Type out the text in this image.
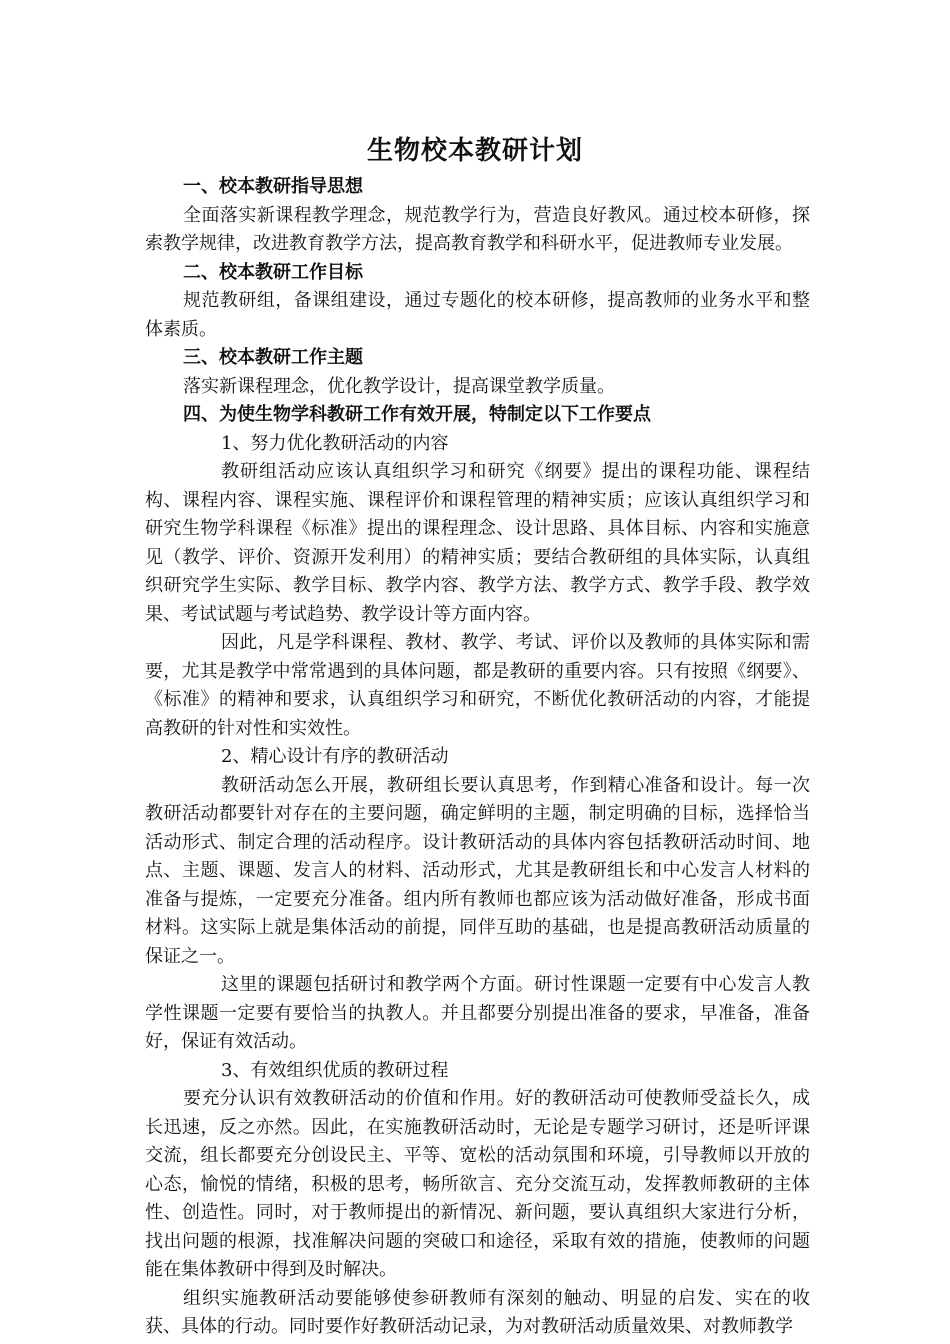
生物校本教研计划

一、校本教研指导思想

全面落实新课程教学理念，规范教学行为，营造良好教风。通过校本研修，探索教学规律，改进教育教学方法，提高教育教学和科研水平，促进教师专业发展。

二、校本教研工作目标

规范教研组，备课组建设，通过专题化的校本研修，提高教师的业务水平和整体素质。

三、校本教研工作主题

落实新课程理念，优化教学设计，提高课堂教学质量。

四、为使生物学科教研工作有效开展，特制定以下工作要点

1、努力优化教研活动的内容

教研组活动应该认真组织学习和研究《纲要》提出的课程功能、课程结构、课程内容、课程实施、课程评价和课程管理的精神实质；应该认真组织学习和研究生物学科课程《标准》提出的课程理念、设计思路、具体目标、内容和实施意见（教学、评价、资源开发利用）的精神实质；要结合教研组的具体实际，认真组织研究学生实际、教学目标、教学内容、教学方法、教学方式、教学手段、教学效果、考试试题与考试趋势、教学设计等方面内容。

因此，凡是学科课程、教材、教学、考试、评价以及教师的具体实际和需要，尤其是教学中常常遇到的具体问题，都是教研的重要内容。只有按照《纲要》、《标准》的精神和要求，认真组织学习和研究，不断优化教研活动的内容，才能提高教研的针对性和实效性。

2、精心设计有序的教研活动

教研活动怎么开展，教研组长要认真思考，作到精心准备和设计。每一次教研活动都要针对存在的主要问题，确定鲜明的主题，制定明确的目标，选择恰当活动形式、制定合理的活动程序。设计教研活动的具体内容包括教研活动时间、地点、主题、课题、发言人的材料、活动形式，尤其是教研组长和中心发言人材料的准备与提炼，一定要充分准备。组内所有教师也都应该为活动做好准备，形成书面材料。这实际上就是集体活动的前提，同伴互助的基础，也是提高教研活动质量的保证之一。

这里的课题包括研讨和教学两个方面。研讨性课题一定要有中心发言人教学性课题一定要有要恰当的执教人。并且都要分别提出准备的要求，早准备，准备好，保证有效活动。

3、有效组织优质的教研过程

要充分认识有效教研活动的价值和作用。好的教研活动可使教师受益长久，成长迅速，反之亦然。因此，在实施教研活动时，无论是专题学习研讨，还是听评课交流，组长都要充分创设民主、平等、宽松的活动氛围和环境，引导教师以开放的心态，愉悦的情绪，积极的思考，畅所欲言、充分交流互动，发挥教师教研的主体性、创造性。同时，对于教师提出的新情况、新问题，要认真组织大家进行分析，找出问题的根源，找准解决问题的突破口和途径，采取有效的措施，使教师的问题能在集体教研中得到及时解决。

组织实施教研活动要能够使参研教师有深刻的触动、明显的启发、实在的收获、具体的行动。同时要作好教研活动记录，为对教研活动质量效果、对教师教学
